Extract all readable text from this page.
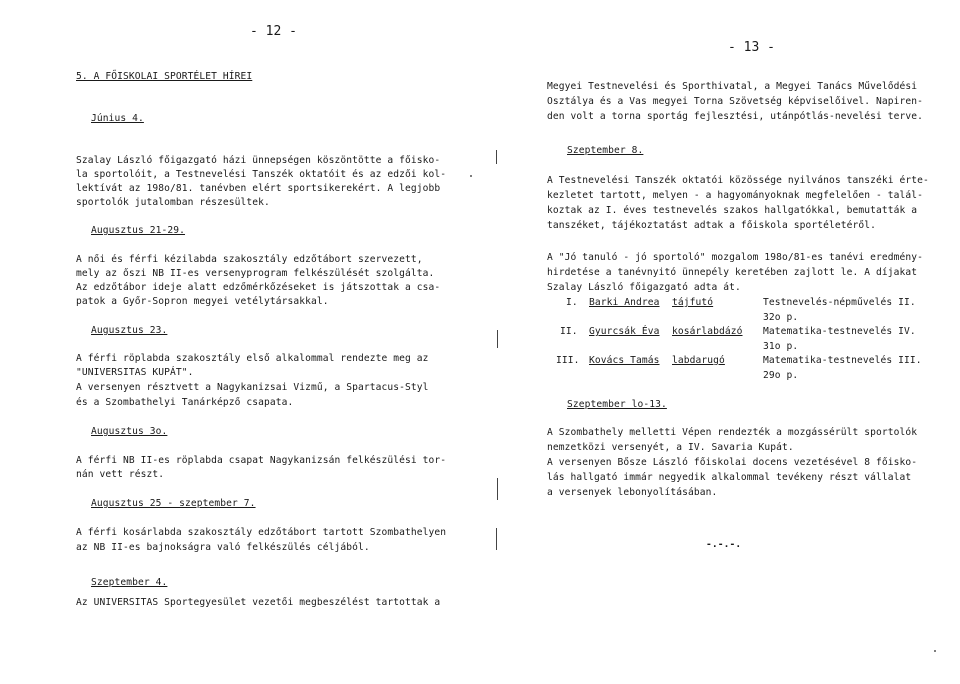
- 12 -
5. A FŐISKOLAI SPORTÉLET HÍREI
Június 4.
Szalay László főigazgató házi ünnepségen köszöntötte a főisko-
la sportolóit, a Testnevelési Tanszék oktatóit és az edzői kol-
lektívát az 198o/81. tanévben elért sportsikerekért. A legjobb
sportolók jutalomban részesültek.
Augusztus 21-29.
A női és férfi kézilabda szakosztály edzőtábort szervezett,
mely az őszi NB II-es versenyprogram felkészülését szolgálta.
Az edzőtábor ideje alatt edzőmérkőzéseket is játszottak a csa-
patok a Győr-Sopron megyei vetélytársakkal.
Augusztus 23.
A férfi röplabda szakosztály első alkalommal rendezte meg az
"UNIVERSITAS KUPÁT".
A versenyen résztvett a Nagykanizsai Vizmű, a Spartacus-Styl
és a Szombathelyi Tanárképző csapata.
Augusztus 3o.
A férfi NB II-es röplabda csapat Nagykanizsán felkészülési tor-
nán vett részt.
Augusztus 25 - szeptember 7.
A férfi kosárlabda szakosztály edzőtábort tartott Szombathelyen
az NB II-es bajnokságra való felkészülés céljából.
Szeptember 4.
Az UNIVERSITAS Sportegyesület vezetői megbeszélést tartottak a
- 13 -
Megyei Testnevelési és Sporthivatal, a Megyei Tanács Művelődési
Osztálya és a Vas megyei Torna Szövetség képviselőivel. Napiren-
den volt a torna sportág fejlesztési, utánpótlás-nevelési terve.
Szeptember 8.
A Testnevelési Tanszék oktatói közössége nyilvános tanszéki érte-
kezletet tartott, melyen - a hagyományoknak megfelelően - talál-
koztak az I. éves testnevelés szakos hallgatókkal, bemutatták a
tanszéket, tájékoztatást adtak a főiskola sportéletéről.
A "Jó tanuló - jó sportoló" mozgalom 198o/81-es tanévi eredmény-
hirdetése a tanévnyitó ünnepély keretében zajlott le. A díjakat
Szalay László főigazgató adta át.
I. Barki Andrea tájfutó	Testnevelés-népművelés II.
32o p.
II. Gyurcsák Éva kosárlabdázó Matematika-testnevelés IV.
31o p.
III. Kovács Tamás labdarugó	Matematika-testnevelés III.
29o p.
Szeptember lo-13.
A Szombathely melletti Vépen rendezték a mozgássérült sportolók
nemzetközi versenyét, a IV. Savaria Kupát.
A versenyen Bősze László főiskolai docens vezetésével 8 főisko-
lás hallgató immár negyedik alkalommal tevékeny részt vállalat
a versenyek lebonyolításában.
-.-.-.
